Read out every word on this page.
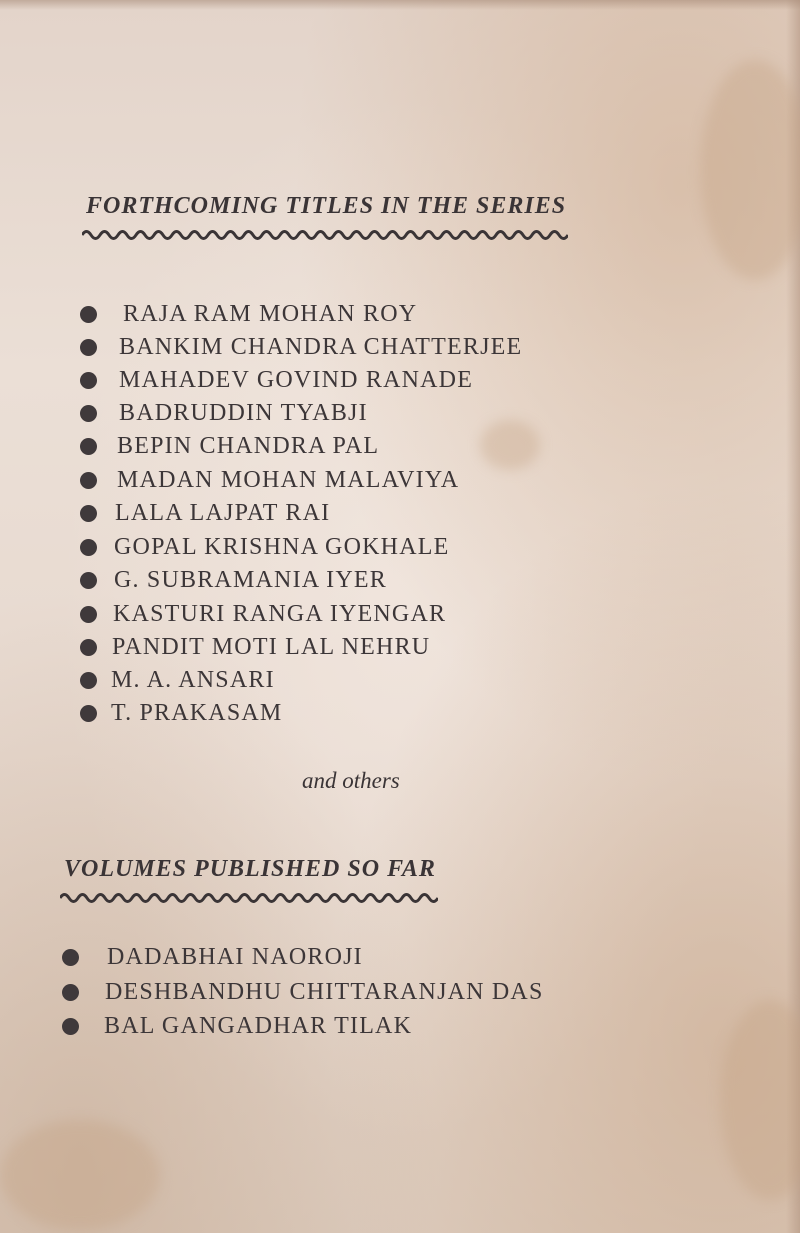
FORTHCOMING TITLES IN THE SERIES
RAJA RAM MOHAN ROY
BANKIM CHANDRA CHATTERJEE
MAHADEV GOVIND RANADE
BADRUDDIN TYABJI
BEPIN CHANDRA PAL
MADAN MOHAN MALAVIYA
LALA LAJPAT RAI
GOPAL KRISHNA GOKHALE
G. SUBRAMANIA IYER
KASTURI RANGA IYENGAR
PANDIT MOTI LAL NEHRU
M. A. ANSARI
T. PRAKASAM
and others
VOLUMES PUBLISHED SO FAR
DADABHAI NAOROJI
DESHBANDHU CHITTARANJAN DAS
BAL GANGADHAR TILAK
